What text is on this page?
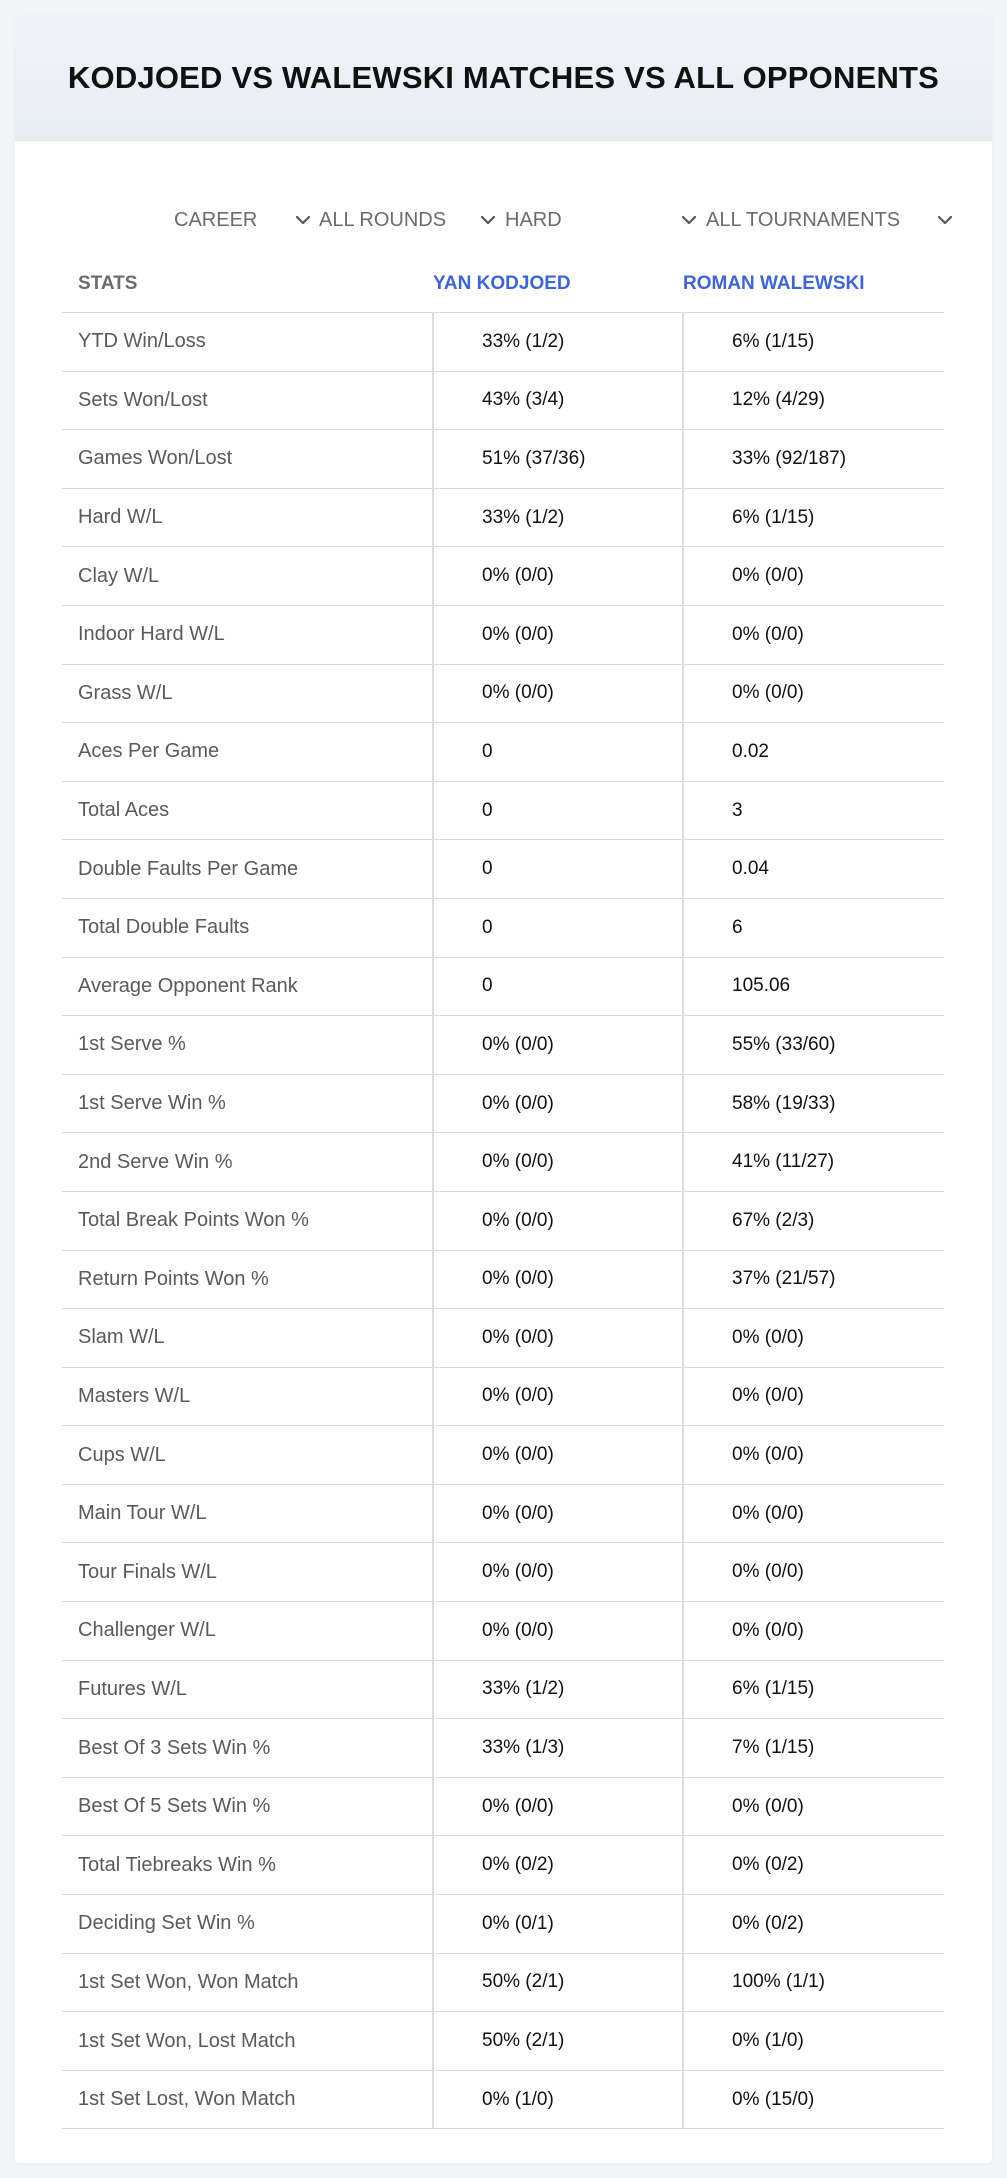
KODJOED VS WALEWSKI MATCHES VS ALL OPPONENTS
CAREER	ALL ROUNDS	HARD	ALL TOURNAMENTS
STATS	YAN KODJOED	ROMAN WALEWSKI
YTD Win/Loss	33% (1/2)	6% (1/15)
Sets Won/Lost	43% (3/4)	12% (4/29)
Games Won/Lost	51% (37/36)	33% (92/187)
Hard W/L	33% (1/2)	6% (1/15)
Clay W/L	0% (0/0)	0% (0/0)
Indoor Hard W/L	0% (0/0)	0% (0/0)
Grass W/L	0% (0/0)	0% (0/0)
Aces Per Game	0	0.02
Total Aces	0	3
Double Faults Per Game	0	0.04
Total Double Faults	0	6
Average Opponent Rank	0	105.06
1st Serve %	0% (0/0)	55% (33/60)
1st Serve Win %	0% (0/0)	58% (19/33)
2nd Serve Win %	0% (0/0)	41% (11/27)
Total Break Points Won %	0% (0/0)	67% (2/3)
Return Points Won %	0% (0/0)	37% (21/57)
Slam W/L	0% (0/0)	0% (0/0)
Masters W/L	0% (0/0)	0% (0/0)
Cups W/L	0% (0/0)	0% (0/0)
Main Tour W/L	0% (0/0)	0% (0/0)
Tour Finals W/L	0% (0/0)	0% (0/0)
Challenger W/L	0% (0/0)	0% (0/0)
Futures W/L	33% (1/2)	6% (1/15)
Best Of 3 Sets Win %	33% (1/3)	7% (1/15)
Best Of 5 Sets Win %	0% (0/0)	0% (0/0)
Total Tiebreaks Win %	0% (0/2)	0% (0/2)
Deciding Set Win %	0% (0/1)	0% (0/2)
1st Set Won, Won Match	50% (2/1)	100% (1/1)
1st Set Won, Lost Match	50% (2/1)	0% (1/0)
1st Set Lost, Won Match	0% (1/0)	0% (15/0)
